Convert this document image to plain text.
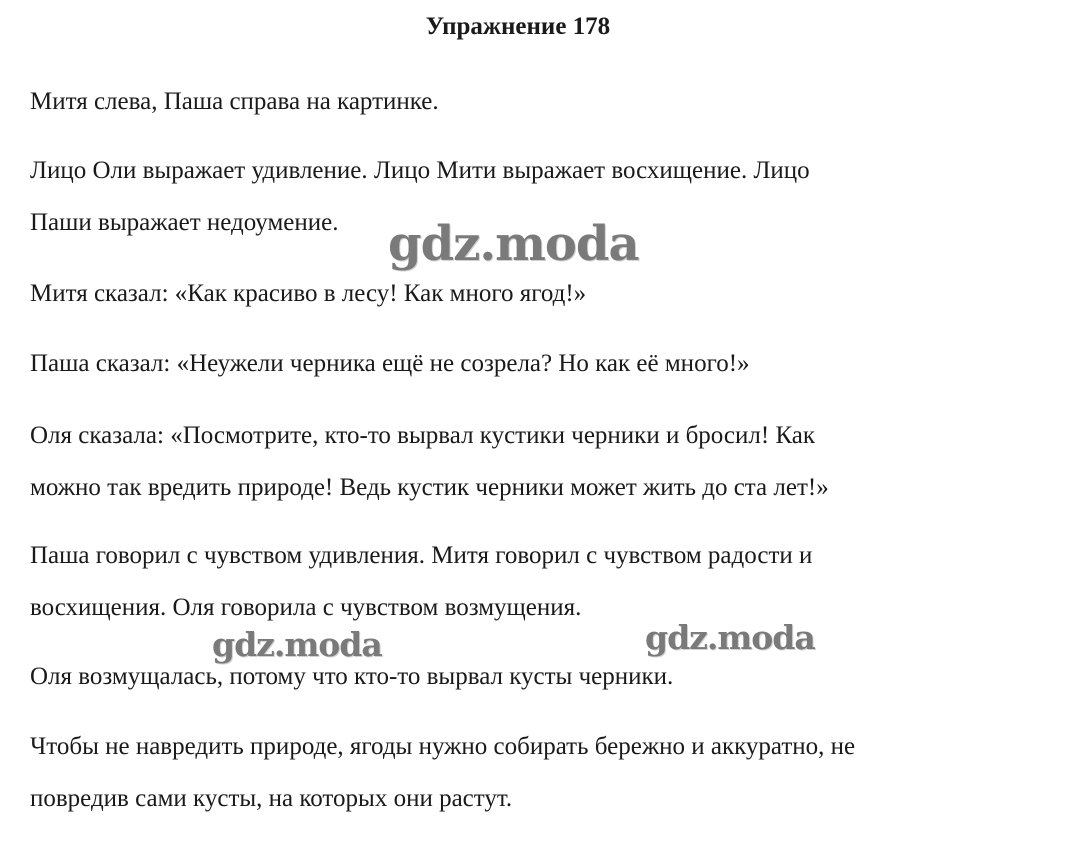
Упражнение 178

Митя слева, Паша справа на картинке.

Лицо Оли выражает удивление. Лицо Мити выражает восхищение. Лицо
Паши выражает недоумение.

Митя сказал: «Как красиво в лесу! Как много ягод!»

Паша сказал: «Неужели черника ещё не созрела? Но как её много!»

Оля сказала: «Посмотрите, кто-то вырвал кустики черники и бросил! Как
можно так вредить природе! Ведь кустик черники может жить до ста лет!»

Паша говорил с чувством удивления. Митя говорил с чувством радости и
восхищения. Оля говорила с чувством возмущения.

Оля возмущалась, потому что кто-то вырвал кусты черники.

Чтобы не навредить природе, ягоды нужно собирать бережно и аккуратно, не
повредив сами кусты, на которых они растут.

gdz.moda
gdz.moda	gdz.moda
